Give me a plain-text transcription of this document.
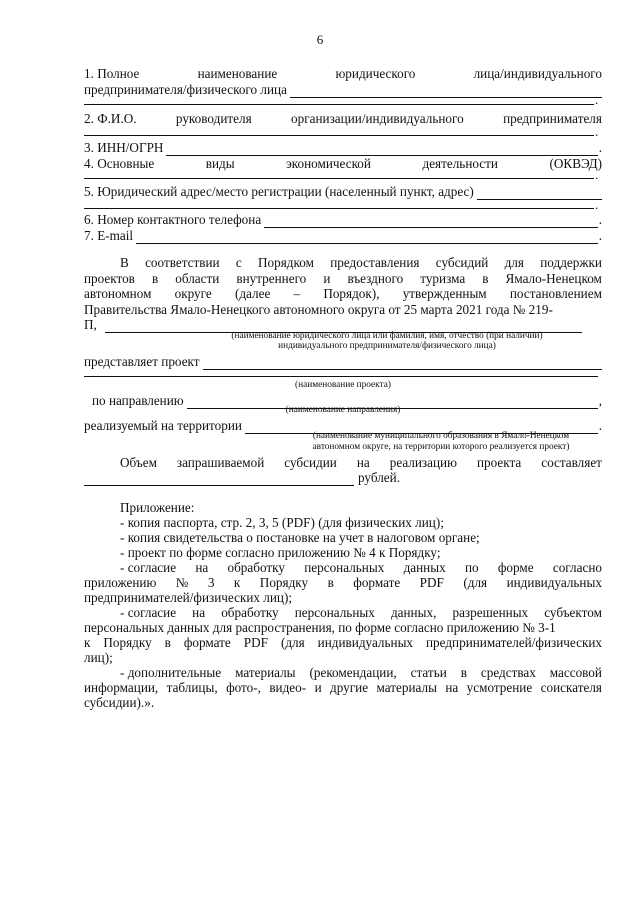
6
1. Полное	наименование	юридического	лица/индивидуального
предпринимателя/физического лица
.
2. Ф.И.О.	руководителя	организации/индивидуального	предпринимателя
.
3. ИНН/ОГРН	.
4. Основные	виды	экономической	деятельности	(ОКВЭД)
.
5. Юридический адрес/место регистрации (населенный пункт, адрес)
.
6. Номер контактного телефона	.
7. E-mail	.
В соответствии с Порядком предоставления субсидий для поддержки
проектов в области внутреннего и въездного туризма в Ямало-Ненецком
автономном округе (далее – Порядок), утвержденным постановлением
Правительства Ямало-Ненецкого автономного округа от 25 марта 2021 года № 219-
П,
(наименование юридического лица или фамилия, имя, отчество (при наличии)
индивидуального предпринимателя/физического лица)
представляет проект
(наименование проекта)
по направлению	,
(наименование направления)
реализуемый на территории	.
(наименование муниципального образования в Ямало-Ненецком
автономном округе, на территории которого реализуется проект)
Объем запрашиваемой субсидии на реализацию проекта составляет
рублей.
Приложение:
- копия паспорта, стр. 2, 3, 5 (PDF) (для физических лиц);
- копия свидетельства о постановке на учет в налоговом органе;
- проект по форме согласно приложению № 4 к Порядку;
- согласие на обработку персональных данных по форме согласно
приложению № 3 к Порядку в формате PDF (для индивидуальных
предпринимателей/физических лиц);
- согласие на обработку персональных данных, разрешенных субъектом
персональных данных для распространения, по форме согласно приложению № 3-1
к Порядку в формате PDF (для индивидуальных предпринимателей/физических
лиц);
- дополнительные материалы (рекомендации, статьи в средствах массовой
информации, таблицы, фото-, видео- и другие материалы на усмотрение соискателя
субсидии).».
